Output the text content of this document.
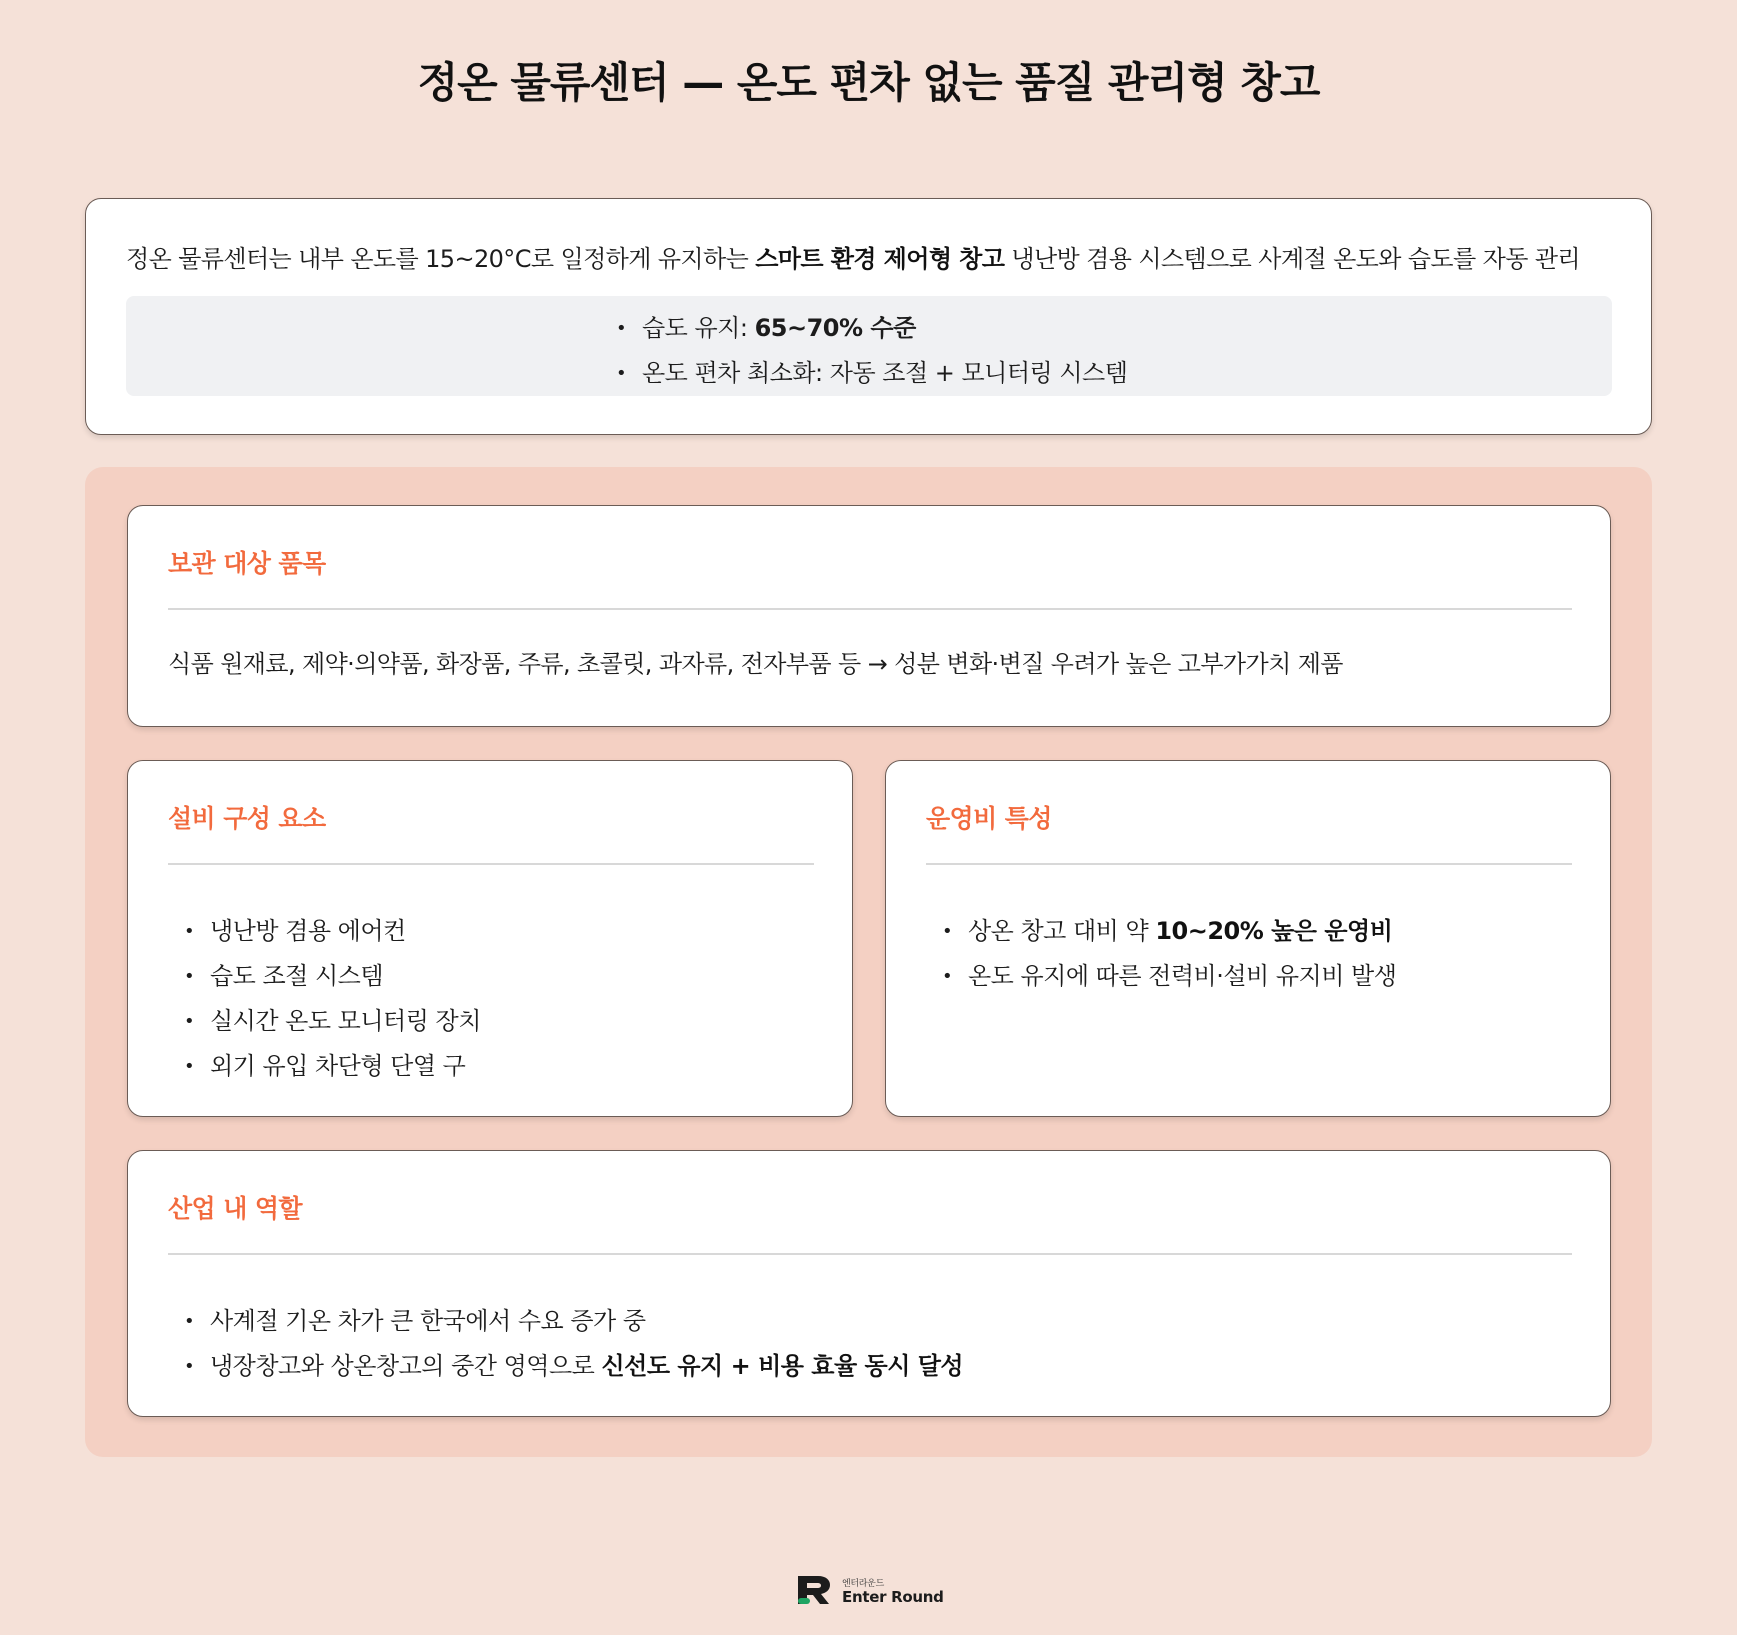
정온 물류센터 — 온도 편차 없는 품질 관리형 창고

정온 물류센터는 내부 온도를 15~20°C로 일정하게 유지하는 스마트 환경 제어형 창고 냉난방 겸용 시스템으로 사계절 온도와 습도를 자동 관리

• 습도 유지: 65~70% 수준
• 온도 편차 최소화: 자동 조절 + 모니터링 시스템
보관 대상 품목

식품 원재료, 제약·의약품, 화장품, 주류, 초콜릿, 과자류, 전자부품 등 → 성분 변화·변질 우려가 높은 고부가가치 제품

설비 구성 요소
• 냉난방 겸용 에어컨
• 습도 조절 시스템
• 실시간 온도 모니터링 장치
• 외기 유입 차단형 단열 구
운영비 특성
• 상온 창고 대비 약 10~20% 높은 운영비
• 온도 유지에 따른 전력비·설비 유지비 발생
산업 내 역할
• 사계절 기온 차가 큰 한국에서 수요 증가 중
• 냉장창고와 상온창고의 중간 영역으로 신선도 유지 + 비용 효율 동시 달성
엔터라운드
Enter Round
